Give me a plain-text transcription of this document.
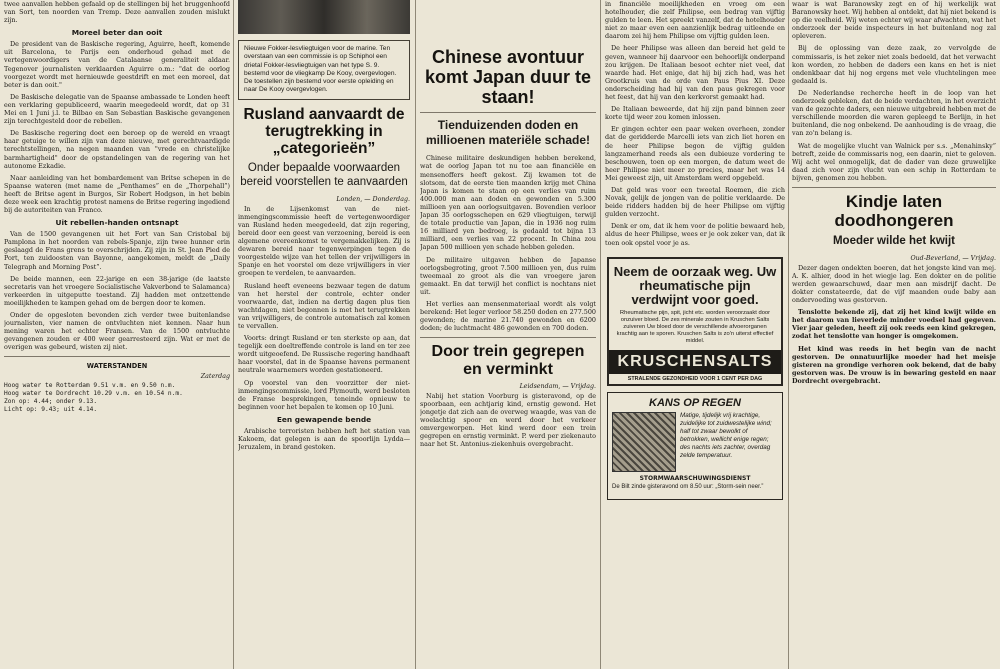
twee aanvallen hebben gefaald op de stellingen bij het bruggenhoofd van Sort, ten noorden van Tremp. Deze aanvallen zouden mislukt zijn.

Moreel beter dan ooit

De president van de Baskische regering, Aguirre, heeft, komende uit Barcelona, te Parijs een onderhoud gehad met de vertegenwoordigers van de Catalaanse generaliteit aldaar. Tegenover journalisten verklaarden Aguirre o.m.: "dat de oorlog voorgezet wordt met hernieuwde geestdrift en met een moreel, dat beter is dan ooit."

De Baskische delegatie van de Spaanse ambassade te Londen heeft een verklaring gepubliceerd, waarin meegedeeld wordt, dat op 31 Mei en 1 Juni j.l. te Bilbao en San Sebastian Baskische gevangenen zijn terechtgesteld door de rebellen.

De Baskische regering doet een beroep op de wereld en vraagt haar getuige te willen zijn van deze nieuwe, met gerechtvaardigde terechtstellingen, na negen maanden van "vrede en christelijke barmhartigheid" door de opstandelingen van de regering van het autonome Ezkadie.

Naar aanleiding van het bombardement van Britse schepen in de Spaanse wateren (met name de „Penthames” en de „Thorpehall”) heeft de Britse agent in Burgos, Sir Robert Hodgson, in het bebin deze week een krachtig protest namens de Britse regering ingediend bij de autoriteiten van Franco.

Uit rebellen-handen ontsnapt

Van de 1500 gevangenen uit het Fort van San Cristobal bij Pamplona in het noorden van rebels-Spanje, zijn twee hunner erin geslaagd de Frans grens te overschrijden. Zij zijn in St. Jean Pied de Port, ten zuidoosten van Bayonne, aangekomen, meldt de „Daily Telegraph and Morning Post”.

De beide mannen, een 22-jarige en een 38-jarige (de laatste secretaris van het vroegere Socialistische Vakverbond te Salamanca) verkeerden in uitgeputte toestand. Zij hadden met ontzettende moeilijkheden te kampen gehad om de bergen door te komen.

Onder de opgesloten bevonden zich verder twee buitenlandse journalisten, vier namen de ontvluchten niet kennen. Naar hun mening waren het echter Fransen. Van de 1500 ontvluchte gevangenen zouden er 400 weer gearresteerd zijn. Wat er met de overigen was gebeurd, wisten zij niet.

WATERSTANDEN
Zaterdag
Hoog water te Rotterdam 9.51 v.m. en 9.50 n.m.
Hoog water te Dordrecht 10.29 v.m. en 10.54 n.m.
Zon op: 4.44; onder 9.13.
Licht op: 9.43; uit 4.14.
Nieuwe Fokker-lesvliegtuigen voor de marine. Ten overstaan van een commissie is op Schiphol een drietal Fokker-lesvliegtuigen van het type S. 9. bestemd voor de vliegkamp De Kooy, overgevlogen. De toestellen zijn bestemd voor eerste opleiding en naar De Kooy overgevlogen.
Rusland aanvaardt de terugtrekking in „categorieën”
Onder bepaalde voorwaarden bereid voorstellen te aanvaarden
Londen, — Donderdag.

In de Lijsenkomst van de niet-inmengingscommissie heeft de vertegenwoordiger van Rusland heden meegedeeld, dat zijn regering, bereid door een geest van verzoening, bereid is een algemene overeenkomst te vergemakkelijken. Zij is dewaren bereid naar tegenwerpingen tegen de voorgestelde wijze van het tellen der vrijwilligers in Spanje en het voorstel om deze vrijwilligers in vier groepen te verdelen, te aanvaarden.

Rusland heeft eveneens bezwaar tegen de datum van het herstel der controle, echter onder voorwaarde, dat, indien na dertig dagen plus tien wachtdagen, niet begonnen is met het terugtrekken van vrijwilligers, de controle automatisch zal komen te vervallen.

Voorts: dringt Rusland er ten sterkste op aan, dat tegelijk een doeltreffende controle is land en ter zee wordt uitgeoefend. De Russische regering handhaaft haar voorstel, dat in de Spaanse havens permanent neutrale waarnemers worden gestationeerd.

Op voorstel van den voorzitter der niet-inmengingscommissie, lord Plymouth, werd besloten de Franse besprekingen, teneinde opnieuw te beginnen voor het bepalen te komen op 10 Juni.

Een gewapende bende

Arabische terroristen hebben heft het station van Kakoem, dat gelegen is aan de spoorlijn Lydda—Jeruzalem, in brand gestoken.

Chinese avontuur komt Japan duur te staan!
Tienduizenden doden en millioenen materiële schade!

Chinese militaire deskundigen hebben berekend, wat de oorlog Japan tot nu toe aan financiële en mensenoffers heeft gekost. Zij kwamen tot de slotsom, dat de eerste tien maanden krijg met China Japan is komen te staan op een verlies van ruim 400.000 man aan doden en gewonden en 5.300 millioen yen aan oorlogsuitgaven. Bovendien verloor Japan 35 oorlogsschepen en 629 vliegtuigen, terwijl de totale productie van Japan, die in 1936 nog ruim 16 milliard yen bedroeg, is gedaald tot bijna 13 milliard, een verlies van 22 procent. In China zou Japan 500 millioen yen schade hebben geleden.

De militaire uitgaven hebben de Japanse oorlogsbegroting, groot 7.500 millioen yen, dus ruim tweemaal zo groot als die van vroegere jaren gemaakt. En dat terwijl het conflict is nochtans niet uit.

Het verlies aan mensenmateriaal wordt als volgt berekend: Het leger verloor 58.250 doden en 277.500 gewonden; de marine 21.740 gewonden en 6200 doden; de luchtmacht 486 gewonden en 700 doden.

Door trein gegrepen en verminkt
Leidsendam, — Vrijdag.

Nabij het station Voorburg is gisteravond, op de spoorbaan, een achtjarig kind, ernstig gewond. Het jongetje dat zich aan de overweg waagde, was van de woelachtig spoor en werd door het verkeer omvergeworpen. Het kind werd door een trein gegrepen en ernstig verminkt. P. werd per ziekenauto naar het St. Antonius-ziekenhuis overgebracht.

in financiële moeilijkheden en vroeg om een hotelhouder, die zelf Philipse, een bedrag van vijftig gulden te leen. Het spreekt vanzelf, dat de hotelhouder niet zo maar even een aanzienlijk bedrag uitleende en daarom zei hij hem Philipse om vijftig gulden leen.

De heer Philipse was alleen dan bereid het geld te geven, wanneer hij daarvoor een behoorlijk onderpand zou krijgen. De Italiaan besoot echter niet veel, dat waarde had. Het enige, dat hij bij zich had, was het Grootkruis van de orde van Paus Pius XI. Deze onderscheiding had hij van den paus gekregen voor het feest, dat hij van den kerkvorst gemaakt had.

De Italiaan beweerde, dat hij zijn pand binnen zeer korte tijd weer zou komen inlossen.

Er gingen echter een paar weken overheen, zonder dat de geridderde Marcelli iets van zich liet horen en de heer Philipse begon de vijftig gulden langzamerhand reeds als een dubieuze vordering te beschouwen, toen op een morgen, de datum weet de heer Philipse niet meer zo precies, maar het was 14 Mei geweest zijn, uit Amsterdam werd opgebeld.

Dat geld was voor een tweetal Roemen, die zich Novak, gelijk de jongen van de politie verklaarde. De beide ridders hadden bij de heer Philipse om vijftig gulden verzocht.

Denk er om, dat ik hem voor de politie bewaard heb, aldus de heer Philipse, wees er je ook zeker van, dat ik toen ook opstel voor je as.

Neem de oorzaak weg. Uw rheumatische pijn verdwijnt voor goed.
Rheumatische pijn, spit, jicht etc. worden veroorzaakt door onzuiver bloed. De zes minerale zouten in Kruschen Salts zuiveren Uw bloed door de verschillende afvoerorganen krachtig aan te sporen. Kruschen Salts is zo'n uiterst effectief middel.
KRUSCHENSALTS
STRALENDE GEZONDHEID VOOR 1 CENT PER DAG
KANS OP REGEN
Matige, tijdelijk vrij krachtige, zuidelijke tot zuidwestelijke wind; half tot zwaar bewolkt of betrokken, wellicht enige regen; des nachts iets zachter, overdag zelde temperatuur.
STORMWAARSCHUWINGSDIENST
De Bilt zinde gisteravond om 8.50 uur: „Storm-sein neer.”

waar is wat Baranowsky zegt en of hij werkelijk wat Baranowsky heet. Wij hebben al ontdekt, dat hij niet bekend is op die veelheid. Wij weten echter wij waar afwachten, wat het onderzoek der beide inspecteurs in het buitenland nog zal opleveren.

Bij de oplossing van deze zaak, zo vervolgde de commissaris, is het zeker niet zoals bedoeld, dat het verwacht kon worden, zo hebben de daders een kans en het is niet ondenkbaar dat hij nog ergens met vele vluchtelingen mee gedaald is.

De Nederlandse recherche heeft in de loop van het onderzoek gebleken, dat de beide verdachten, in het overzicht van de gezochte daders, een nieuwe uitgebreid hebben met de verschillende moorden die waren gepleegd te Berlijn, in het buitenland, die nog onbekend. De aanhouding is de vraag, die van zo'n belang is.

Wat de mogelijke vlucht van Walnick per s.s. „Menahinsky” betreft, zeide de commissaris nog, een daarin, niet te geloven. Wij acht wel onmogelijk, dat de dader van deze gruwelijke daad zich voor zijn vlucht van een schip in Rotterdam te bijven, genomen zou hebben.

Kindje laten doodhongeren
Moeder wilde het kwijt
Oud-Beverland, — Vrijdag.

Dezer dagen ondekten boeren, dat het jongste kind van mej. A. K. alhier, dood in het wiegje lag. Een dokter en de politie werden gewaarschuwd, daar men aan misdrijf dacht. De dokter constateerde, dat de vijf maanden oude baby aan ondervoeding was gestorven.

Tenslotte bekende zij, dat zij het kind kwijt wilde en het daarom van lieverlede minder voedsel had gegeven. Vier jaar geleden, heeft zij ook reeds een kind gekregen, zodat het tenslotte van honger is omgekomen.

Het kind was reeds in het begin van de nacht gestorven. De onnatuurlijke moeder had het meisje gisteren na grondige verhoren ook bekend, dat de baby gestorven was. De vrouw is in bewaring gesteld en naar Dordrecht overgebracht.
